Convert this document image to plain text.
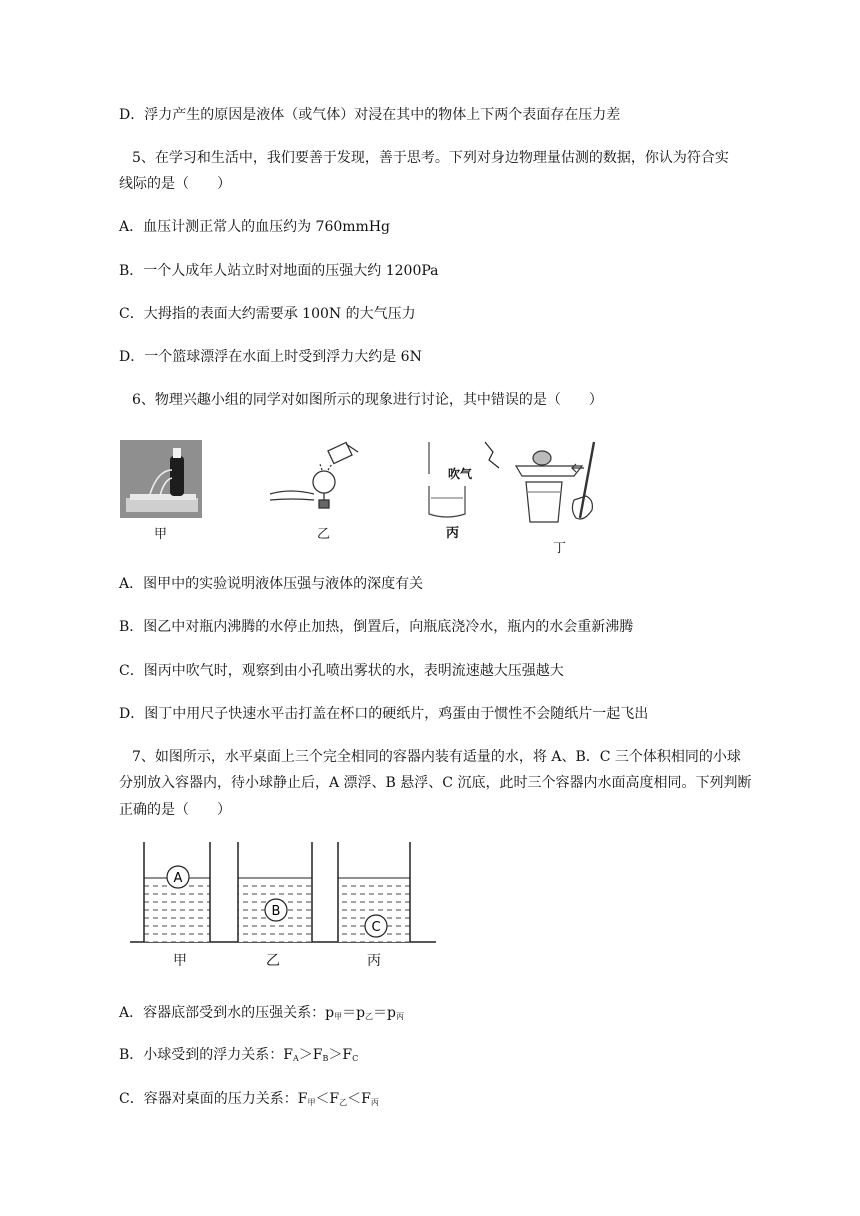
D．浮力产生的原因是液体（或气体）对浸在其中的物体上下两个表面存在压力差
5、在学习和生活中，我们要善于发现，善于思考。下列对身边物理量估测的数据，你认为符合实
线际的是（　　）
A．血压计测正常人的血压约为 760mmHg
B．一个人成年人站立时对地面的压强大约 1200Pa
C．大拇指的表面大约需要承 100N 的大气压力
D．一个篮球漂浮在水面上时受到浮力大约是 6N
6、物理兴趣小组的同学对如图所示的现象进行讨论，其中错误的是（　　）
甲	乙
吹气
丙
丁
A．图甲中的实验说明液体压强与液体的深度有关
B．图乙中对瓶内沸腾的水停止加热，倒置后，向瓶底浇冷水，瓶内的水会重新沸腾
C．图丙中吹气时，观察到由小孔喷出雾状的水，表明流速越大压强越大
D．图丁中用尺子快速水平击打盖在杯口的硬纸片，鸡蛋由于惯性不会随纸片一起飞出
7、如图所示，水平桌面上三个完全相同的容器内装有适量的水，将 A、B．C 三个体积相同的小球
分别放入容器内，待小球静止后，A 漂浮、B 悬浮、C 沉底，此时三个容器内水面高度相同。下列判断
正确的是（　　）
A
B
C
甲	乙	丙
A．容器底部受到水的压强关系：$p_甲=p_乙=p_丙$
B．小球受到的浮力关系：$F_A>F_B>F_C$
C．容器对桌面的压力关系：$F_甲<F_乙<F_丙$
